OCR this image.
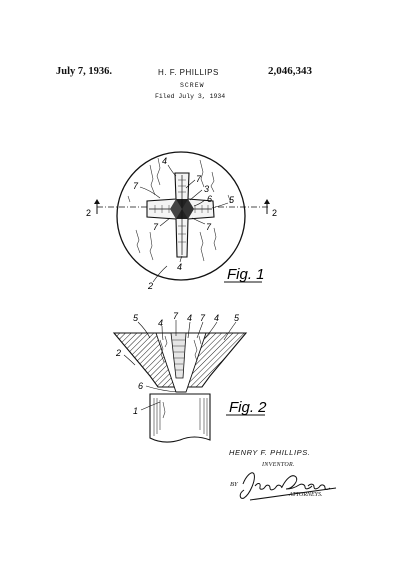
July 7, 1936.	H. F. PHILLIPS	2,046,343
SCREW
Filed July 3, 1934
4
7
3
6 5
7
7	7
4
2
2	2
Fig. 1
5 4
7 4 7 4 5
2
6
1	Fig. 2
HENRY F. PHILLIPS.
INVENTOR.
BY
ATTORNEYS.
